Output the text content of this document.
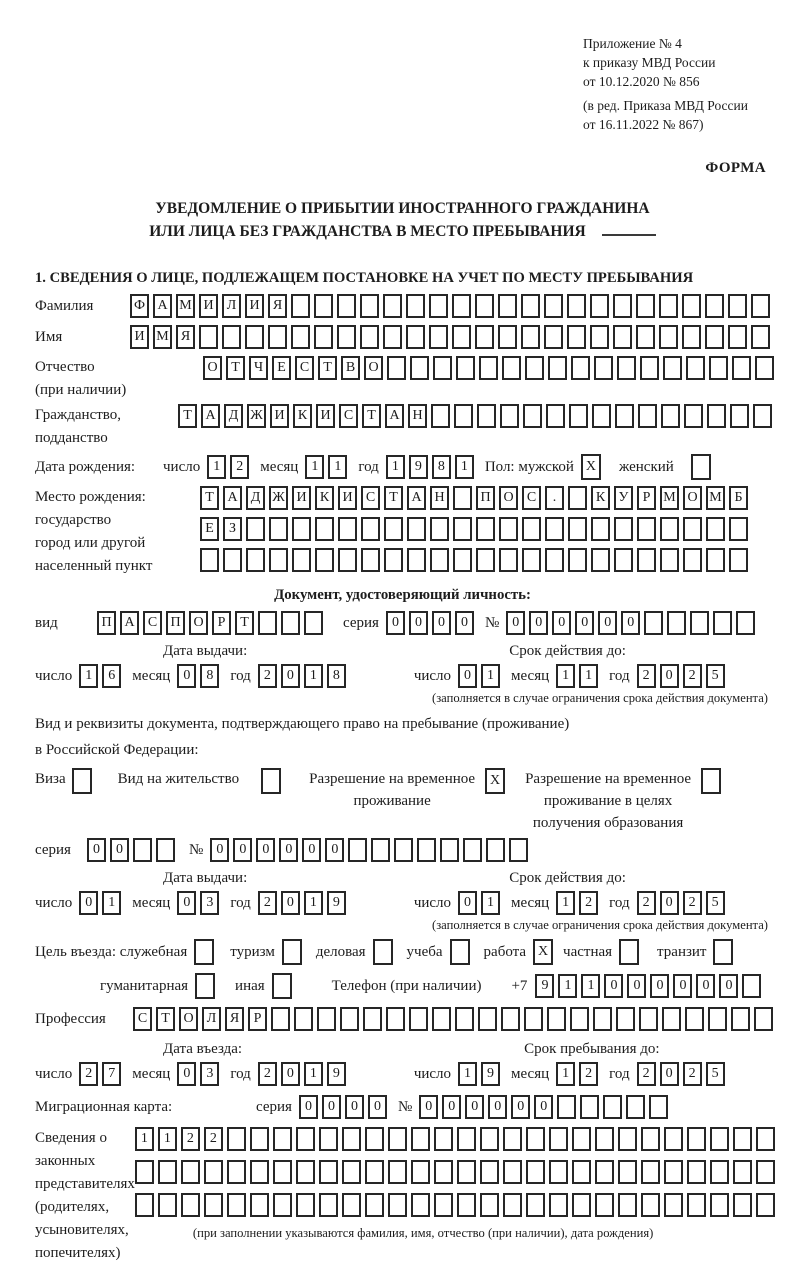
Приложение № 4
к приказу МВД России
от 10.12.2020 № 856
(в ред. Приказа МВД России
от 16.11.2022 № 867)
ФОРМА
УВЕДОМЛЕНИЕ О ПРИБЫТИИ ИНОСТРАННОГО ГРАЖДАНИНА
ИЛИ ЛИЦА БЕЗ ГРАЖДАНСТВА В МЕСТО ПРЕБЫВАНИЯ
1. СВЕДЕНИЯ О ЛИЦЕ, ПОДЛЕЖАЩЕМ ПОСТАНОВКЕ НА УЧЕТ ПО МЕСТУ ПРЕБЫВАНИЯ
Фамилия	Ф А М И Л И Я
Имя	И М Я
Отчество
(при наличии)
О Т	Ч	Е	С	Т	В О
Гражданство,
подданство
Т А Д Ж И К И С	Т А Н
Дата рождения:	число 1	2	месяц 1	1	год 1	9	8	1	Пол: мужской X	женский
Место рождения:
государство
город или другой
населенный пункт
Т А Д Ж И К И С	Т А Н	П О С	.	К У	Р М О М Б
Е	З
Документ, удостоверяющий личность:
вид	П А С П О	Р	Т	серия 0	0	0	0	№ 0	0	0	0	0	0
Дата выдачи:	Срок действия до:
число 1	6	месяц 0	8	год 2	0	1	8	число 0	1	месяц 1	1	год 2	0	2	5
(заполняется в случае ограничения срока действия документа)
Вид и реквизиты документа, подтверждающего право на пребывание (проживание)
в Российской Федерации:
Виза	Вид на жительство	Разрешение на временное
проживание
X	Разрешение на временное
проживание в целях
получения образования
серия	0	0	№ 0	0	0	0	0	0
Дата выдачи:	Срок действия до:
число 0	1	месяц 0	3	год 2	0	1	9	число 0	1	месяц 1	2	год 2	0	2	5
(заполняется в случае ограничения срока действия документа)
Цель въезда: служебная	туризм	деловая	учеба	работа X частная	транзит
гуманитарная	иная	Телефон (при наличии) +7	9	1	1	0	0	0	0	0	0
Профессия	С	Т О Л Я	Р
Дата въезда:	Срок пребывания до:
число 2	7	месяц 0	3	год 2	0	1	9	число 1	9	месяц 1	2	год 2	0	2	5
Миграционная карта:	серия 0	0	0	0	№ 0	0	0	0	0	0
Сведения о
законных
представителях
(родителях,
усыновителях,
попечителях)
1	1	2	2
(при заполнении указываются фамилия, имя, отчество (при наличии), дата рождения)
